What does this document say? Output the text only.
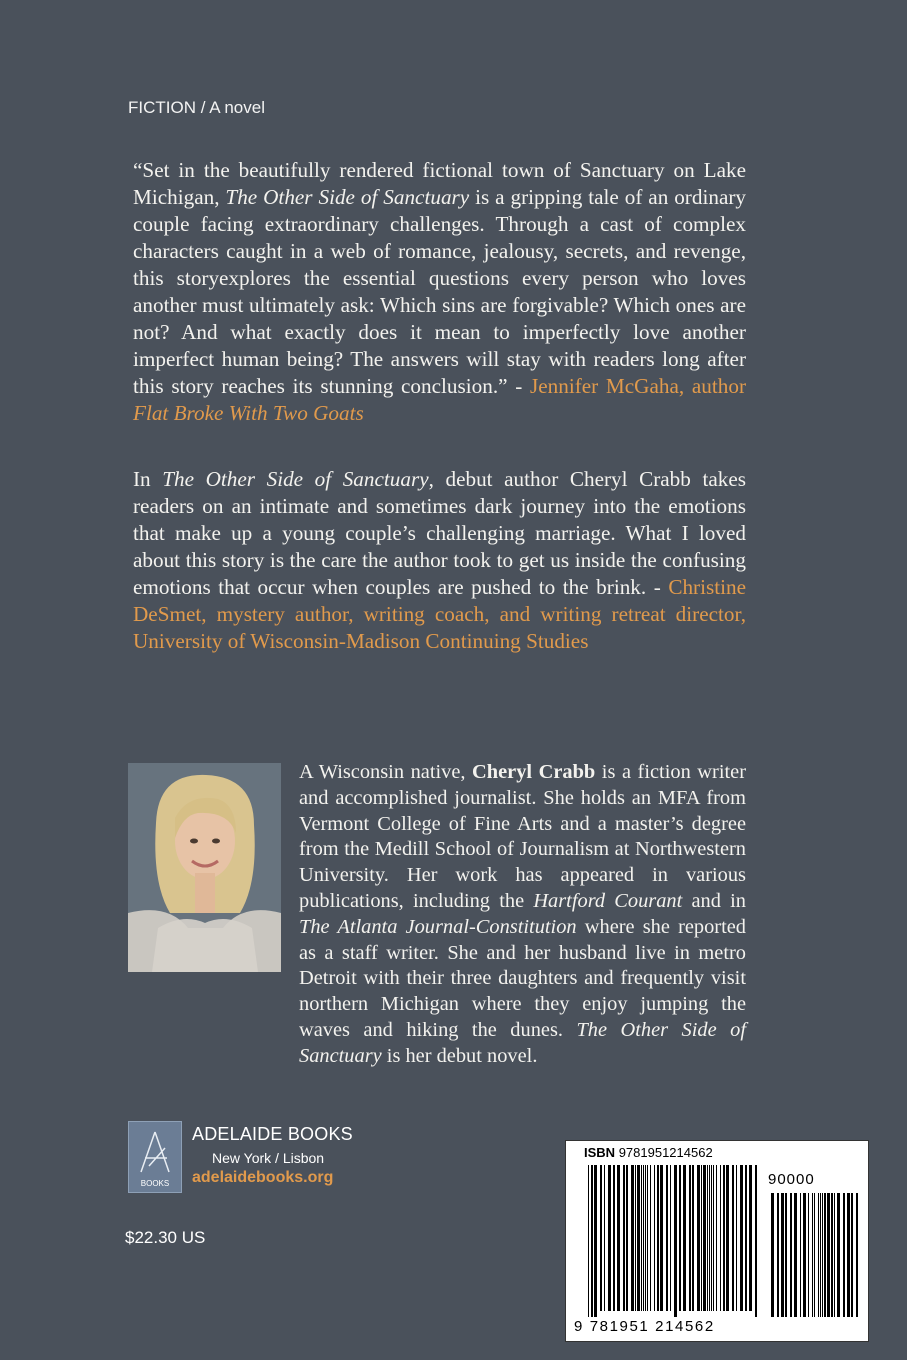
FICTION / A novel
“Set in the beautifully rendered fictional town of Sanctuary on Lake Michigan, The Other Side of Sanctuary is a gripping tale of an ordinary couple facing extraordinary challenges. Through a cast of complex characters caught in a web of romance, jealousy, secrets, and revenge, this storyexplores the essential questions every person who loves another must ultimately ask: Which sins are forgivable? Which ones are not? And what exactly does it mean to imperfectly love another imperfect human being? The answers will stay with readers long after this story reaches its stunning conclusion.” - Jennifer McGaha, author Flat Broke With Two Goats
In The Other Side of Sanctuary, debut author Cheryl Crabb takes readers on an intimate and sometimes dark journey into the emotions that make up a young couple’s challenging marriage. What I loved about this story is the care the author took to get us inside the confusing emotions that occur when couples are pushed to the brink. - Christine DeSmet, mystery author, writing coach, and writing retreat director, University of Wisconsin-Madison Continuing Studies
A Wisconsin native, Cheryl Crabb is a fiction writer and accomplished journalist. She holds an MFA from Vermont College of Fine Arts and a master’s degree from the Medill School of Journalism at Northwestern University. Her work has appeared in various publications, including the Hartford Courant and in The Atlanta Journal-Constitution where she reported as a staff writer. She and her husband live in metro Detroit with their three daughters and frequently visit northern Michigan where they enjoy jumping the waves and hiking the dunes. The Other Side of Sanctuary is her debut novel.
BOOKS
ADELAIDE BOOKS
New York / Lisbon
adelaidebooks.org
$22.30 US
ISBN 9781951214562
90000
9 781951 214562
